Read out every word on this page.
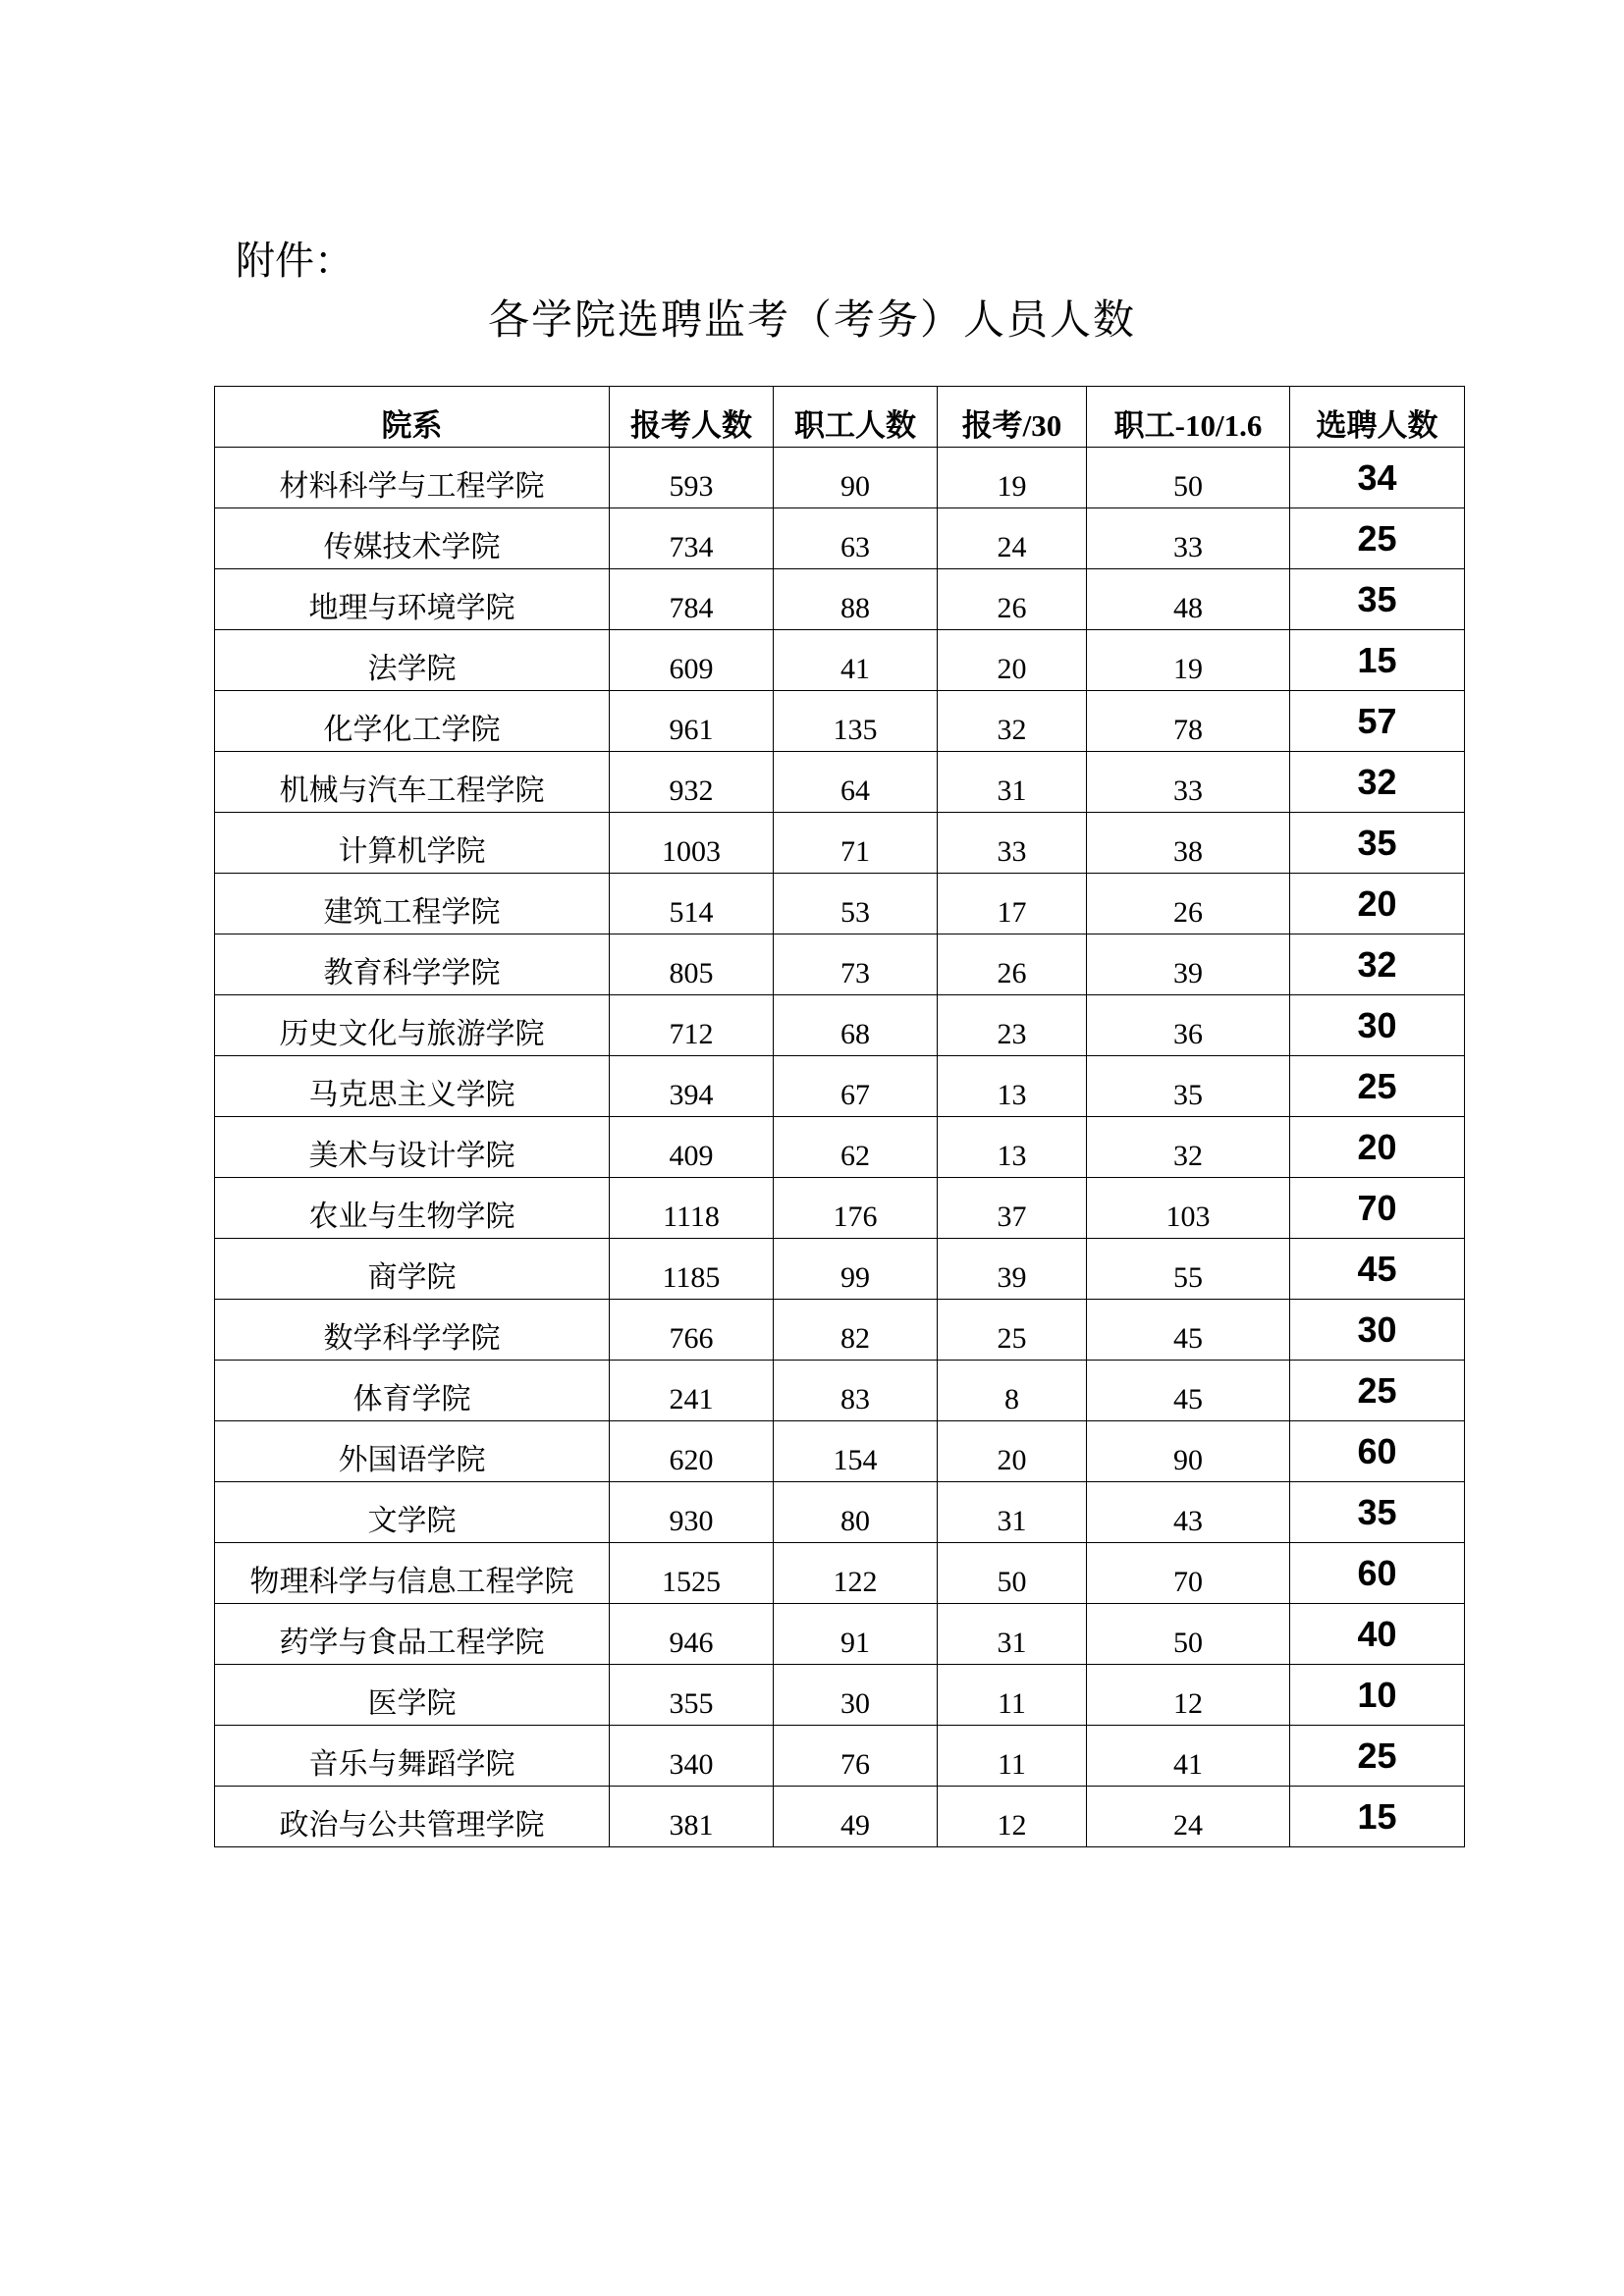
附件：
各学院选聘监考（考务）人员人数
院系	报考人数	职工人数	报考/30	职工-10/1.6	选聘人数
材料科学与工程学院	593	90	19	50	34
传媒技术学院	734	63	24	33	25
地理与环境学院	784	88	26	48	35
法学院	609	41	20	19	15
化学化工学院	961	135	32	78	57
机械与汽车工程学院	932	64	31	33	32
计算机学院	1003	71	33	38	35
建筑工程学院	514	53	17	26	20
教育科学学院	805	73	26	39	32
历史文化与旅游学院	712	68	23	36	30
马克思主义学院	394	67	13	35	25
美术与设计学院	409	62	13	32	20
农业与生物学院	1118	176	37	103	70
商学院	1185	99	39	55	45
数学科学学院	766	82	25	45	30
体育学院	241	83	8	45	25
外国语学院	620	154	20	90	60
文学院	930	80	31	43	35
物理科学与信息工程学院	1525	122	50	70	60
药学与食品工程学院	946	91	31	50	40
医学院	355	30	11	12	10
音乐与舞蹈学院	340	76	11	41	25
政治与公共管理学院	381	49	12	24	15
